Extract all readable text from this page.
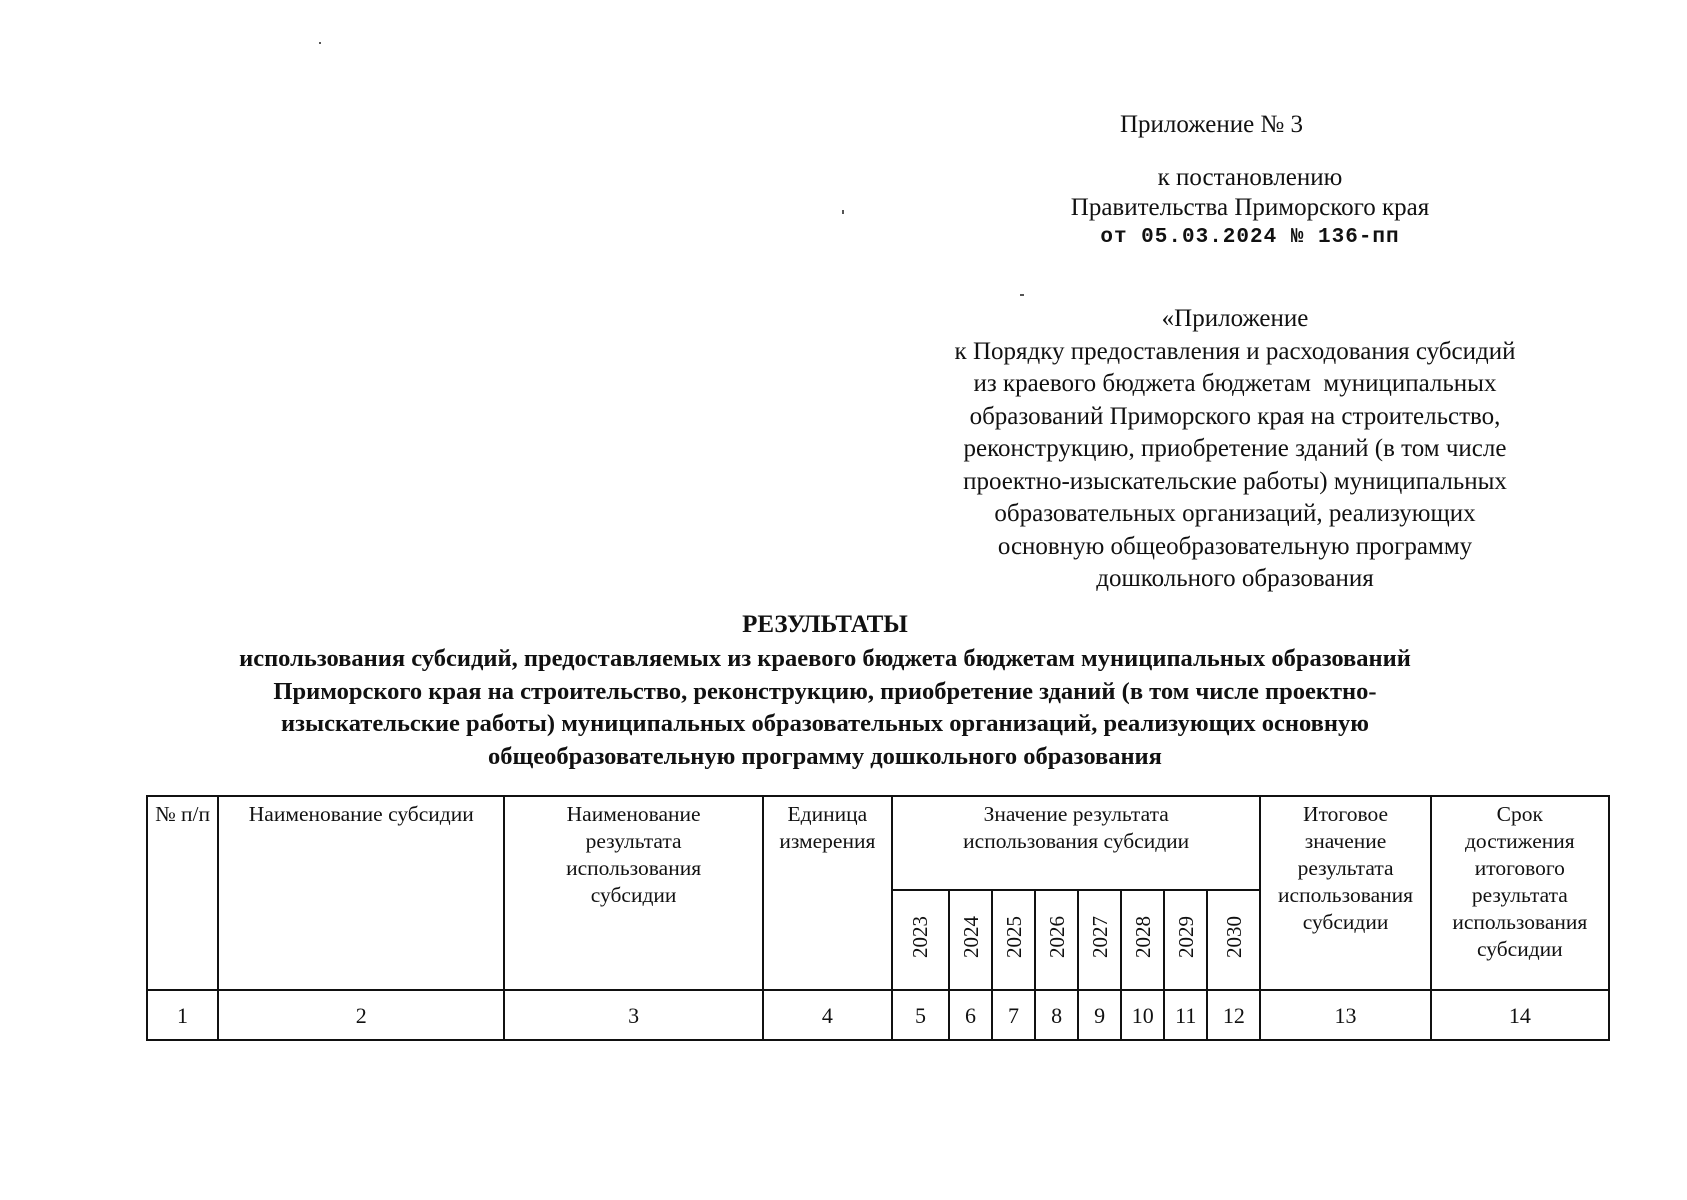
Приложение № 3
к постановлению
Правительства Приморского края
от 05.03.2024 № 136-пп
«Приложение
к Порядку предоставления и расходования субсидий
из краевого бюджета бюджетам  муниципальных
образований Приморского края на строительство,
реконструкцию, приобретение зданий (в том числе
проектно-изыскательские работы) муниципальных
образовательных организаций, реализующих
основную общеобразовательную программу
дошкольного образования
РЕЗУЛЬТАТЫ
использования субсидий, предоставляемых из краевого бюджета бюджетам муниципальных образований
Приморского края на строительство, реконструкцию, приобретение зданий (в том числе проектно-
изыскательские работы) муниципальных образовательных организаций, реализующих основную
общеобразовательную программу дошкольного образования
№ п/п	Наименование субсидии	Наименование результата использования субсидии	Единица измерения	Значение результата использования субсидии								Итоговое значение результата использования субсидии	Срок достижения итогового результата использования субсидии
				2023	2024	2025	2026	2027	2028	2029	2030		
1	2	3	4	5	6	7	8	9	10	11	12	13	14
